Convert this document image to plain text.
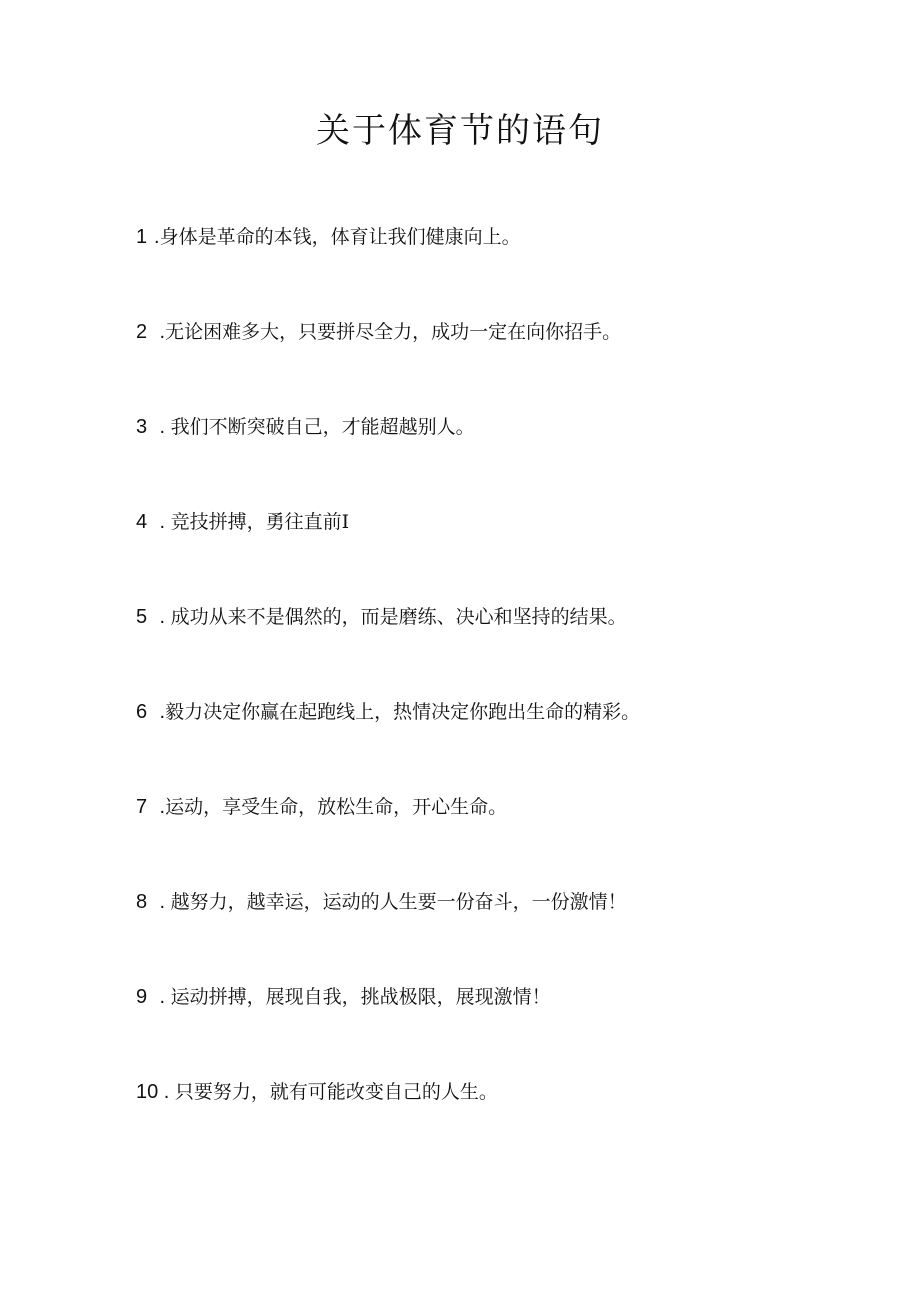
关于体育节的语句
1 .身体是革命的本钱，体育让我们健康向上。
2 .无论困难多大，只要拼尽全力，成功一定在向你招手。
3 . 我们不断突破自己，才能超越别人。
4 . 竞技拼搏，勇往直前I
5 . 成功从来不是偶然的，而是磨练、决心和坚持的结果。
6 .毅力决定你赢在起跑线上，热情决定你跑出生命的精彩。
7 .运动，享受生命，放松生命，开心生命。
8 . 越努力，越幸运，运动的人生要一份奋斗，一份激情！
9 . 运动拼搏，展现自我，挑战极限，展现激情！
10 . 只要努力，就有可能改变自己的人生。
